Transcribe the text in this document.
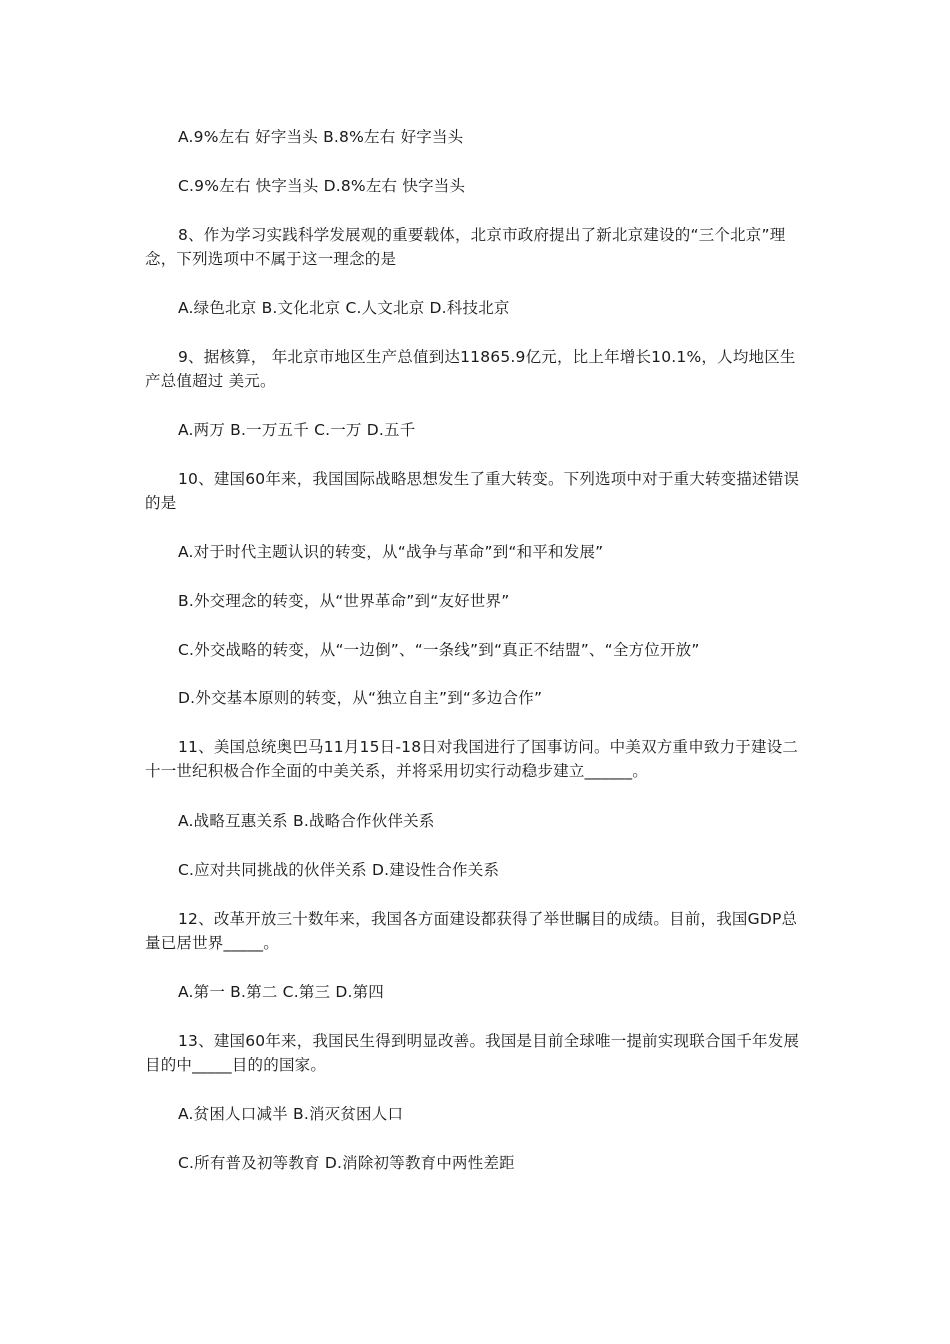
A.9%左右 好字当头 B.8%左右 好字当头

C.9%左右 快字当头 D.8%左右 快字当头

8、作为学习实践科学发展观的重要载体，北京市政府提出了新北京建设的“三个北京”理念，下列选项中不属于这一理念的是

A.绿色北京 B.文化北京 C.人文北京 D.科技北京

9、据核算， 年北京市地区生产总值到达11865.9亿元，比上年增长10.1%，人均地区生产总值超过 美元。

A.两万 B.一万五千 C.一万 D.五千

10、建国60年来，我国国际战略思想发生了重大转变。下列选项中对于重大转变描述错误的是

A.对于时代主题认识的转变，从“战争与革命”到“和平和发展”

B.外交理念的转变，从“世界革命”到“友好世界”

C.外交战略的转变，从“一边倒”、“一条线”到“真正不结盟”、“全方位开放”

D.外交基本原则的转变，从“独立自主”到“多边合作”

11、美国总统奥巴马11月15日-18日对我国进行了国事访问。中美双方重申致力于建设二十一世纪积极合作全面的中美关系，并将采用切实行动稳步建立______。

A.战略互惠关系 B.战略合作伙伴关系

C.应对共同挑战的伙伴关系 D.建设性合作关系

12、改革开放三十数年来，我国各方面建设都获得了举世瞩目的成绩。目前，我国GDP总量已居世界_____。

A.第一 B.第二 C.第三 D.第四

13、建国60年来，我国民生得到明显改善。我国是目前全球唯一提前实现联合国千年发展目的中_____目的的国家。

A.贫困人口减半 B.消灭贫困人口

C.所有普及初等教育 D.消除初等教育中两性差距
